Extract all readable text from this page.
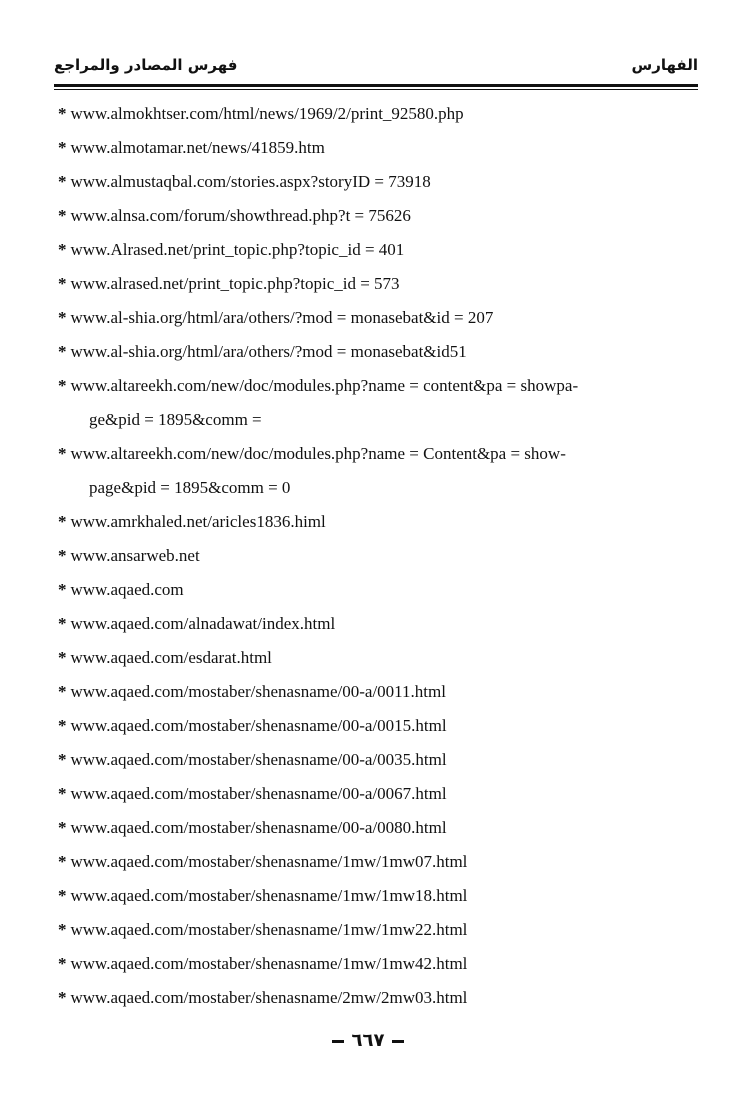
فهرس المصادر والمراجع	الفهارس
* www.almokhtser.com/html/news/1969/2/print_92580.php
* www.almotamar.net/news/41859.htm
* www.almustaqbal.com/stories.aspx?storyID = 73918
* www.alnsa.com/forum/showthread.php?t = 75626
* www.Alrased.net/print_topic.php?topic_id = 401
* www.alrased.net/print_topic.php?topic_id = 573
* www.al-shia.org/html/ara/others/?mod = monasebat&id = 207
* www.al-shia.org/html/ara/others/?mod = monasebat&id51
* www.altareekh.com/new/doc/modules.php?name = content&pa = showpa-
ge&pid = 1895&comm =
* www.altareekh.com/new/doc/modules.php?name = Content&pa = show-
page&pid = 1895&comm = 0
* www.amrkhaled.net/aricles1836.himl
* www.ansarweb.net
* www.aqaed.com
* www.aqaed.com/alnadawat/index.html
* www.aqaed.com/esdarat.html
* www.aqaed.com/mostaber/shenasname/00-a/0011.html
* www.aqaed.com/mostaber/shenasname/00-a/0015.html
* www.aqaed.com/mostaber/shenasname/00-a/0035.html
* www.aqaed.com/mostaber/shenasname/00-a/0067.html
* www.aqaed.com/mostaber/shenasname/00-a/0080.html
* www.aqaed.com/mostaber/shenasname/1mw/1mw07.html
* www.aqaed.com/mostaber/shenasname/1mw/1mw18.html
* www.aqaed.com/mostaber/shenasname/1mw/1mw22.html
* www.aqaed.com/mostaber/shenasname/1mw/1mw42.html
* www.aqaed.com/mostaber/shenasname/2mw/2mw03.html
٦٦٧
